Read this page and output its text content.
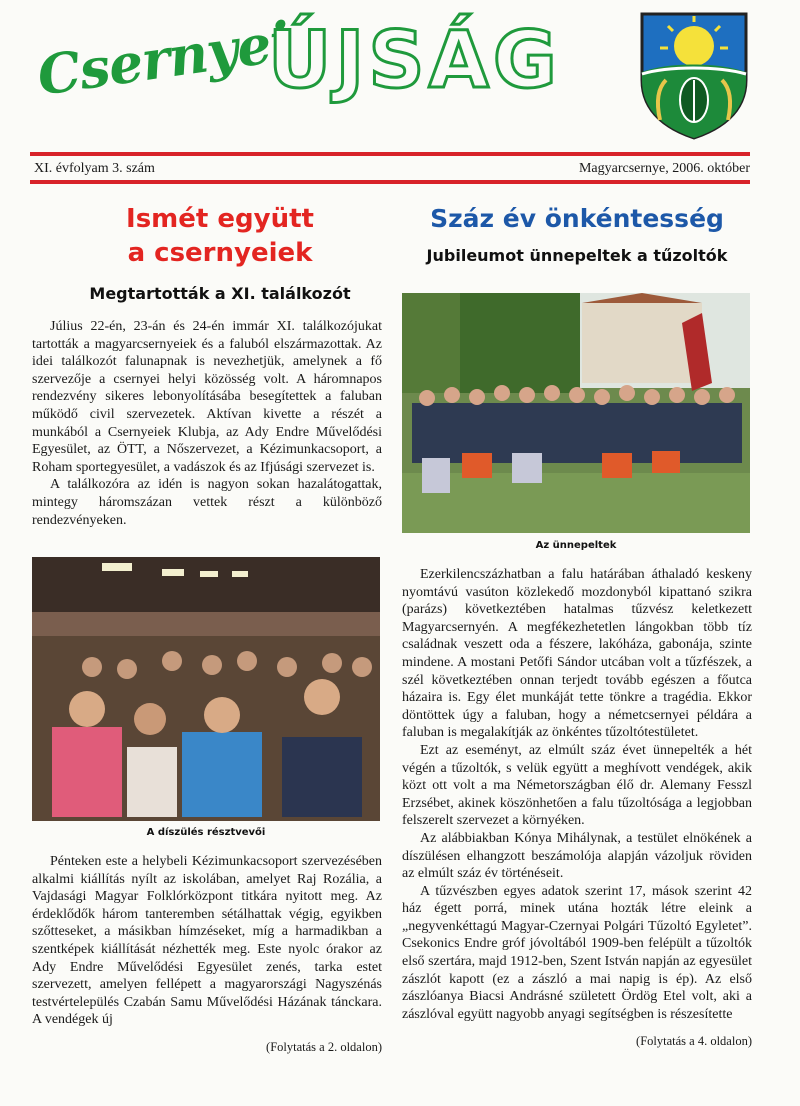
Csernyei
ÚJSÁG
XI. évfolyam 3. szám	Magyarcsernye, 2006. október
Ismét együtt
a csernyeiek
Megtartották a XI. találkozót

Július 22-én, 23-án és 24-én immár XI. találkozójukat tartották a magyarcsernyeiek és a faluból elszármazottak. Az idei találkozót falunapnak is nevezhetjük, amelynek a fő szervezője a csernyei helyi közösség volt. A háromnapos rendezvény sikeres lebonyolításába besegítettek a faluban működő civil szervezetek. Aktívan kivette a részét a munkából a Csernyeiek Klubja, az Ady Endre Művelődési Egyesület, az ÖTT, a Nőszervezet, a Kézimunkacsoport, a Roham sportegyesület, a vadászok és az Ifjúsági szervezet is.

A találkozóra az idén is nagyon sokan hazalátogattak, mintegy háromszázan vettek részt a különböző rendezvényeken.

A díszülés résztvevői

Pénteken este a helybeli Kézimunkacsoport szervezésében alkalmi kiállítás nyílt az iskolában, amelyet Raj Rozália, a Vajdasági Magyar Folklórközpont titkára nyitott meg. Az érdeklődők három tanteremben sétálhattak végig, egyikben szőtteseket, a másikban hímzéseket, míg a harmadikban a szentképek kiállítását nézhették meg. Este nyolc órakor az Ady Endre Művelődési Egyesület zenés, tarka estet szervezett, amelyen fellépett a magyarországi Nagyszénás testvértelepülés Czabán Samu Művelődési Házának tánckara. A vendégek új

(Folytatás a 2. oldalon)
Száz év önkéntesség
Jubileumot ünnepeltek a tűzoltók
Az ünnepeltek

Ezerkilencszázhatban a falu határában áthaladó keskeny nyomtávú vasúton közlekedő mozdonyból kipattanó szikra (parázs) következtében hatalmas tűzvész keletkezett Magyarcsernyén. A megfékezhetetlen lángokban több tíz családnak veszett oda a fészere, lakóháza, gabonája, szinte mindene. A mostani Petőfi Sándor utcában volt a tűzfészek, a szél következtében onnan terjedt tovább egészen a főutca házaira is. Egy élet munkáját tette tönkre a tragédia. Ekkor döntöttek úgy a faluban, hogy a németcsernyei példára a faluban is megalakítják az önkéntes tűzoltótestületet.

Ezt az eseményt, az elmúlt száz évet ünnepelték a hét végén a tűzoltók, s velük együtt a meghívott vendégek, akik közt ott volt a ma Németországban élő dr. Alemany Fesszl Erzsébet, akinek köszönhetően a falu tűzoltósága a legjobban felszerelt szervezet a környéken.

Az alábbiakban Kónya Mihálynak, a testület elnökének a díszülésen elhangzott beszámolója alapján vázoljuk röviden az elmúlt száz év történéseit.

A tűzvészben egyes adatok szerint 17, mások szerint 42 ház égett porrá, minek utána hozták létre eleink a „negyvenkéttagú Magyar-Czernyai Polgári Tűzoltó Egyletet”. Csekonics Endre gróf jóvoltából 1909-ben felépült a tűzoltók első szertára, majd 1912-ben, Szent István napján az egyesület zászlót kapott (ez a zászló a mai napig is ép). Az első zászlóanya Biacsi Andrásné született Ördög Etel volt, aki a zászlóval együtt nagyobb anyagi segítségben is részesítette

(Folytatás a 4. oldalon)
